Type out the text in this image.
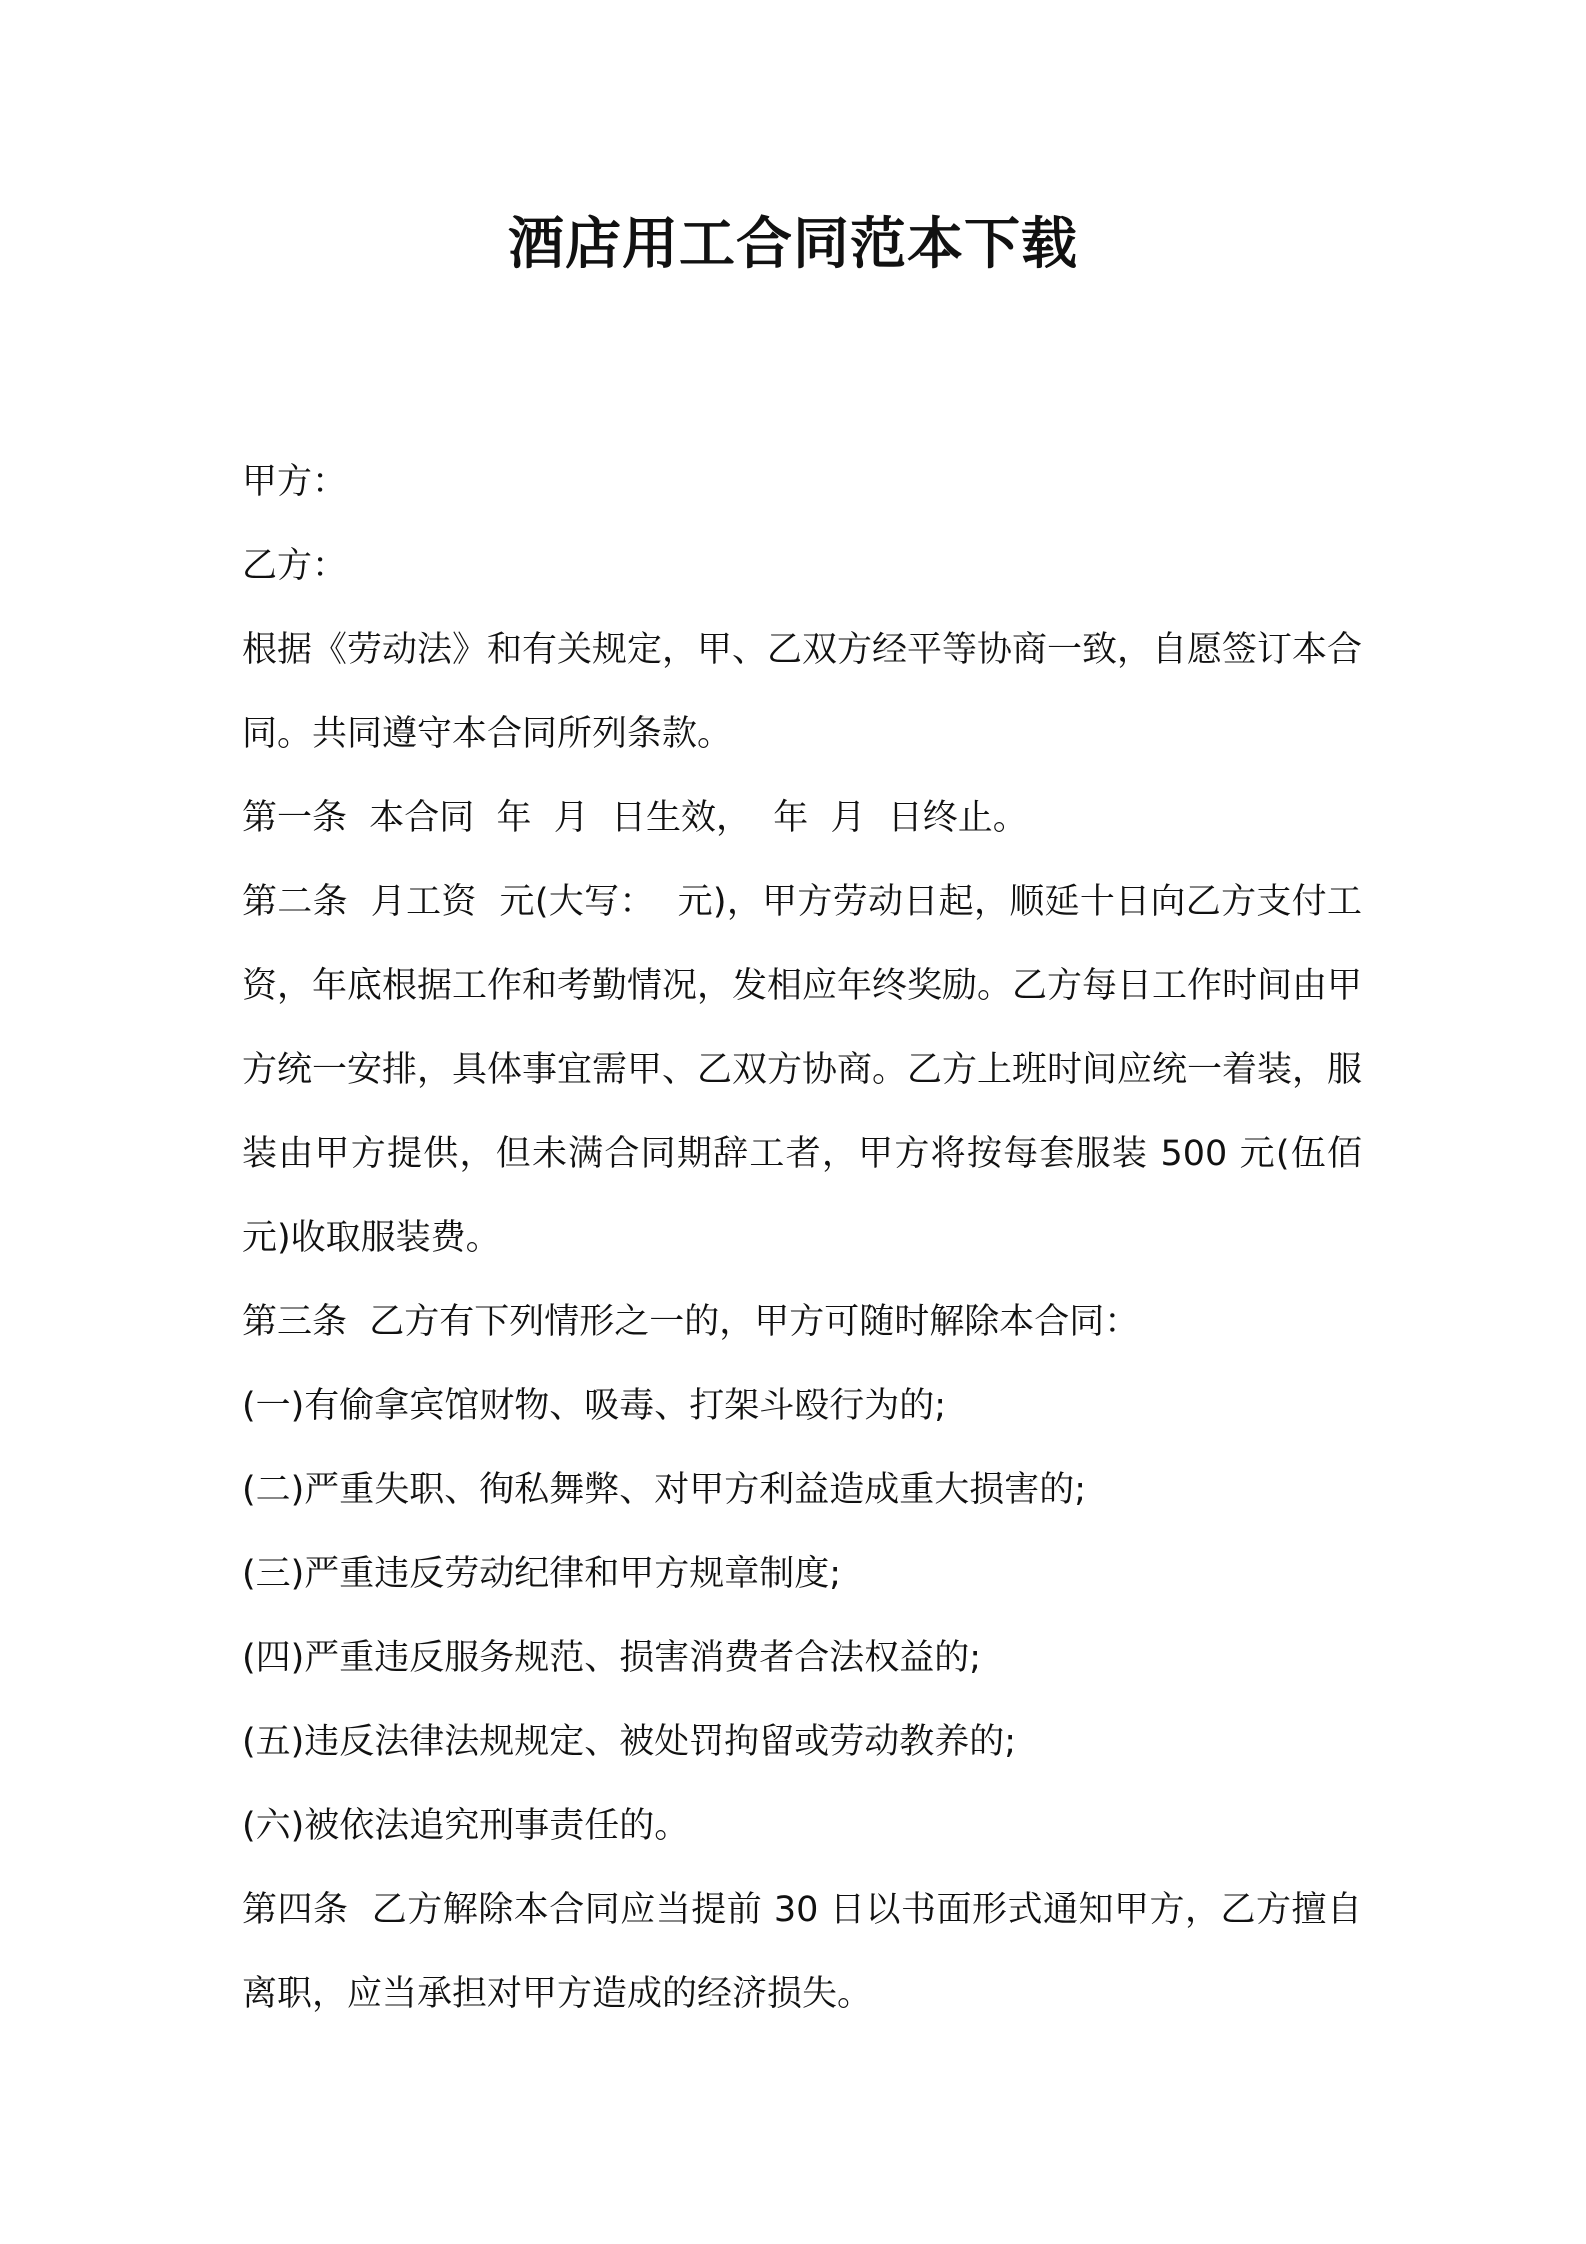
酒店用工合同范本下载

甲方：

乙方：

根据《劳动法》和有关规定，甲、乙双方经平等协商一致，自愿签订本合同。共同遵守本合同所列条款。

第一条  本合同  年  月  日生效，  年  月  日终止。

第二条  月工资  元(大写：  元)，甲方劳动日起，顺延十日向乙方支付工资，年底根据工作和考勤情况，发相应年终奖励。乙方每日工作时间由甲方统一安排，具体事宜需甲、乙双方协商。乙方上班时间应统一着装，服装由甲方提供，但未满合同期辞工者，甲方将按每套服装 500 元(伍佰元)收取服装费。

第三条  乙方有下列情形之一的，甲方可随时解除本合同：

(一)有偷拿宾馆财物、吸毒、打架斗殴行为的;

(二)严重失职、徇私舞弊、对甲方利益造成重大损害的;

(三)严重违反劳动纪律和甲方规章制度;

(四)严重违反服务规范、损害消费者合法权益的;

(五)违反法律法规规定、被处罚拘留或劳动教养的;

(六)被依法追究刑事责任的。

第四条  乙方解除本合同应当提前 30 日以书面形式通知甲方，乙方擅自离职，应当承担对甲方造成的经济损失。
